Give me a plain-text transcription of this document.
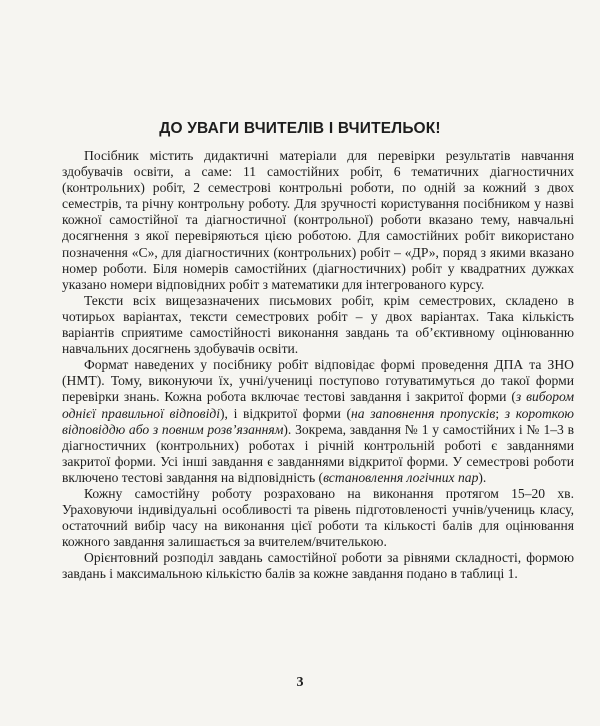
ДО УВАГИ ВЧИТЕЛІВ І ВЧИТЕЛЬОК!

Посібник містить дидактичні матеріали для перевірки результатів навчання здобувачів освіти, а саме: 11 самостійних робіт, 6 тематичних діагностичних (контрольних) робіт, 2 семестрові контрольні роботи, по одній за кожний з двох семестрів, та річну контрольну роботу. Для зручності користування посібником у назві кожної самостійної та діагностичної (контрольної) роботи вказано тему, навчальні досягнення з якої перевіряються цією роботою. Для самостійних робіт використано позначення «С», для діагностичних (контрольних) робіт – «ДР», поряд з якими вказано номер роботи. Біля номерів самостійних (діагностичних) робіт у квадратних дужках указано номери відповідних робіт з математики для інтегрованого курсу.

Тексти всіх вищезазначених письмових робіт, крім семестрових, складено в чотирьох варіантах, тексти семестрових робіт – у двох варіантах. Така кількість варіантів сприятиме самостійності виконання завдань та об’єктивному оцінюванню навчальних досягнень здобувачів освіти.

Формат наведених у посібнику робіт відповідає формі проведення ДПА та ЗНО (НМТ). Тому, виконуючи їх, учні/учениці поступово готуватимуться до такої форми перевірки знань. Кожна робота включає тестові завдання і закритої форми (з вибором однієї правильної відповіді), і відкритої форми (на заповнення пропусків; з короткою відповіддю або з повним розв’язанням). Зокрема, завдання № 1 у самостійних і № 1–3 в діагностичних (контрольних) роботах і річній контрольній роботі є завданнями закритої форми. Усі інші завдання є завданнями відкритої форми. У семестрові роботи включено тестові завдання на відповідність (встановлення логічних пар).

Кожну самостійну роботу розраховано на виконання протягом 15–20 хв. Ураховуючи індивідуальні особливості та рівень підготовленості учнів/учениць класу, остаточний вибір часу на виконання цієї роботи та кількості балів для оцінювання кожного завдання залишається за вчителем/вчителькою.

Орієнтовний розподіл завдань самостійної роботи за рівнями складності, формою завдань і максимальною кількістю балів за кожне завдання подано в таблиці 1.

3
